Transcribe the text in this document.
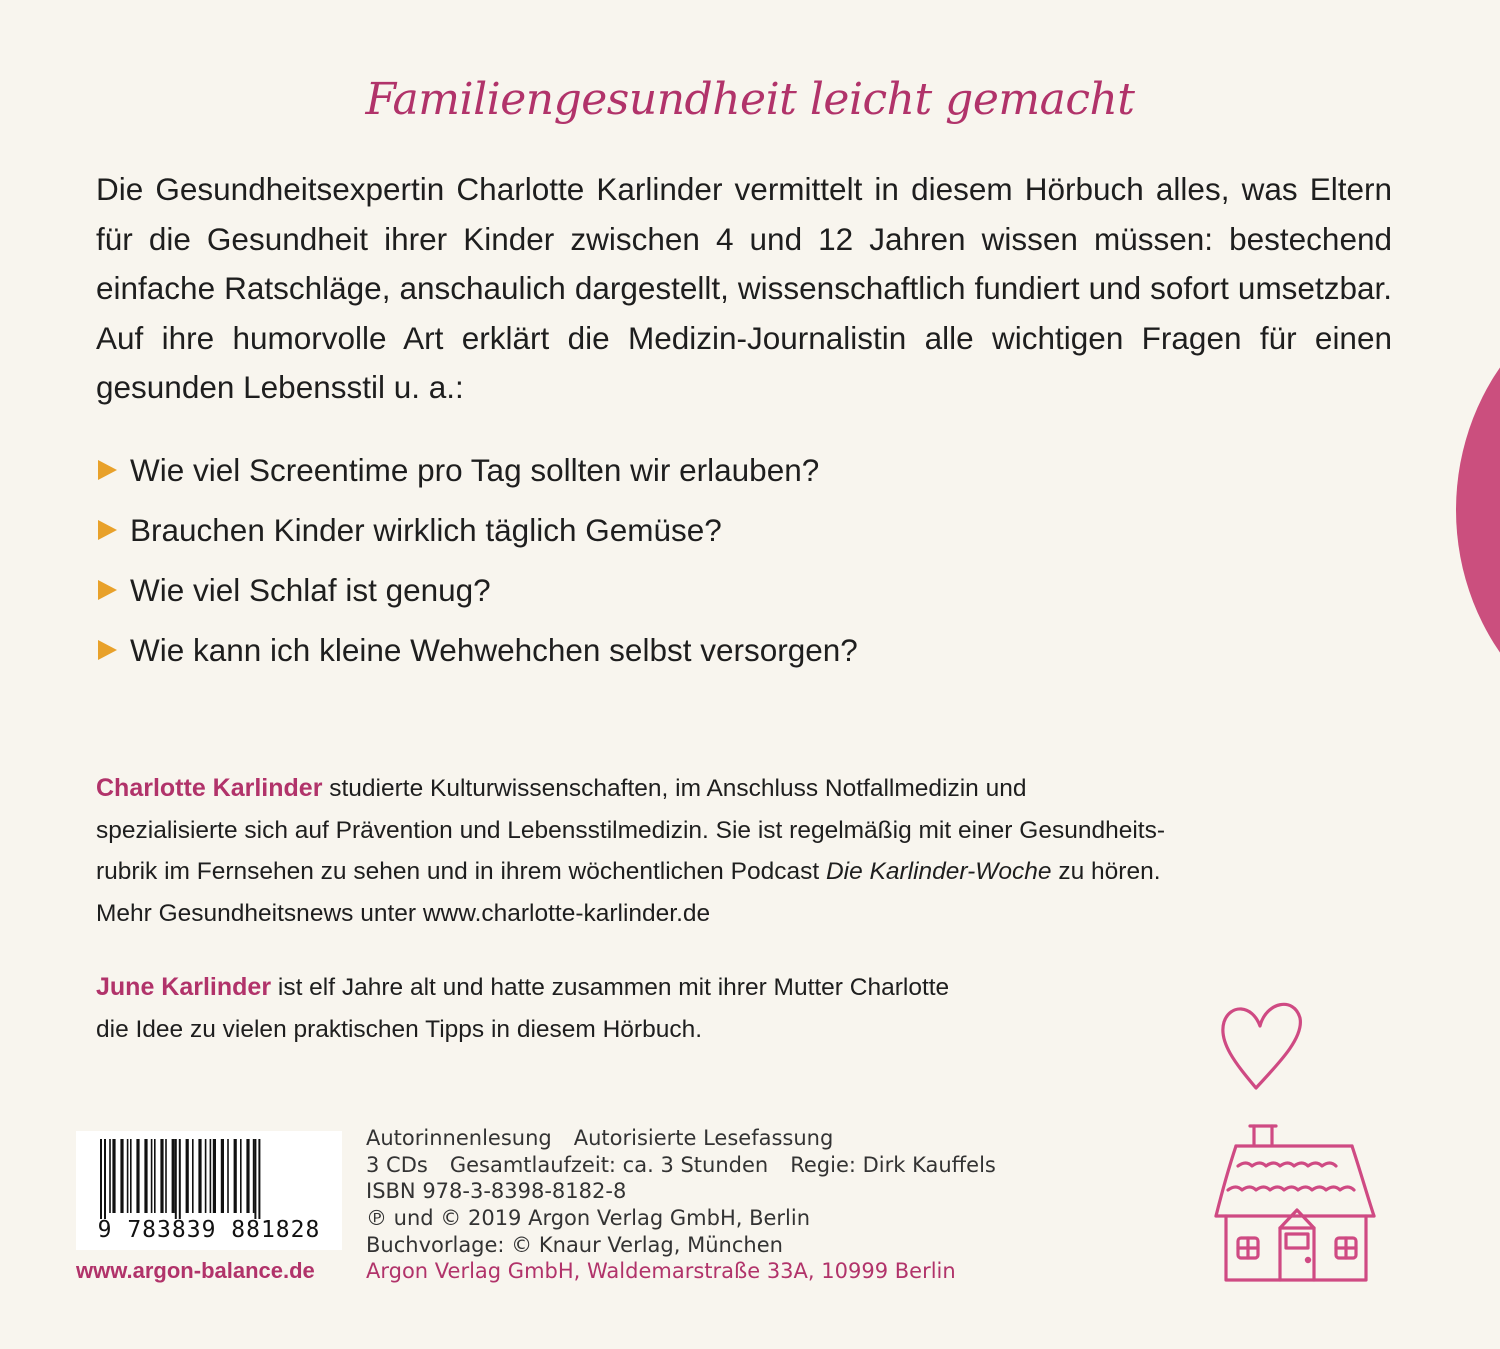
Familiengesundheit leicht gemacht

Die Gesundheitsexpertin Charlotte Karlinder vermittelt in diesem Hörbuch alles, was Eltern für die Gesundheit ihrer Kinder zwischen 4 und 12 Jahren wissen müssen: bestechend einfache Ratschläge, anschaulich dargestellt, wissenschaftlich fundiert und sofort umsetzbar. Auf ihre humorvolle Art erklärt die Medizin-Journalistin alle wichtigen Fragen für einen gesunden Lebensstil u. a.:

Wie viel Screentime pro Tag sollten wir erlauben?
Brauchen Kinder wirklich täglich Gemüse?
Wie viel Schlaf ist genug?
Wie kann ich kleine Wehwehchen selbst versorgen?
Charlotte Karlinder studierte Kulturwissenschaften, im Anschluss Notfallmedizin und
spezialisierte sich auf Prävention und Lebensstilmedizin. Sie ist regelmäßig mit einer Gesundheits-
rubrik im Fernsehen zu sehen und in ihrem wöchentlichen Podcast Die Karlinder-Woche zu hören.
Mehr Gesundheitsnews unter www.charlotte-karlinder.de
June Karlinder ist elf Jahre alt und hatte zusammen mit ihrer Mutter Charlotte
die Idee zu vielen praktischen Tipps in diesem Hörbuch.
9 783839 881828
www.argon-balance.de
Autorinnenlesung Autorisierte Lesefassung
3 CDs Gesamtlaufzeit: ca. 3 Stunden Regie: Dirk Kauffels
ISBN 978-3-8398-8182-8
℗ und © 2019 Argon Verlag GmbH, Berlin
Buchvorlage: © Knaur Verlag, München
Argon Verlag GmbH, Waldemarstraße 33A, 10999 Berlin
